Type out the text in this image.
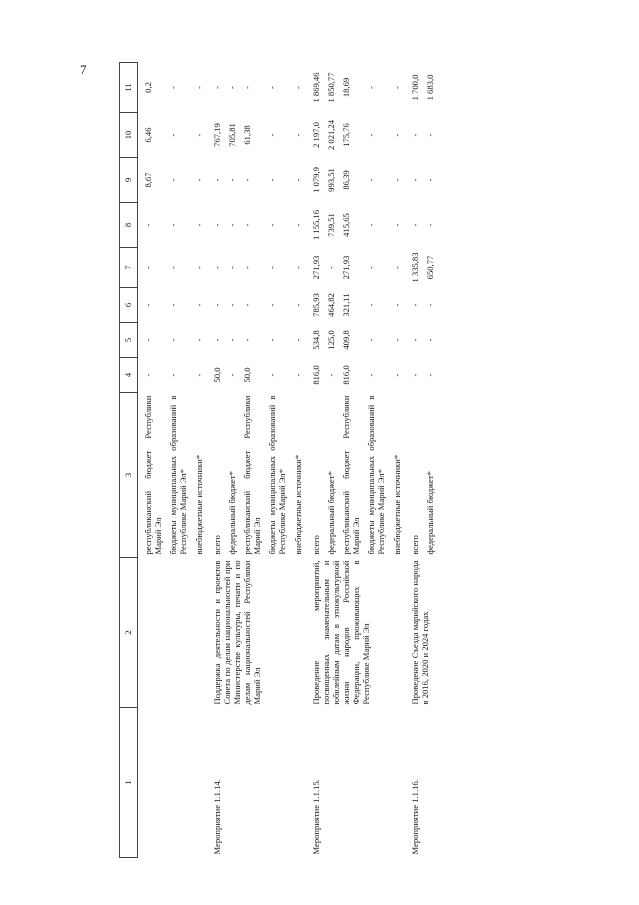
7
1	2	3	4	5	6	7	8	9	10	11
		республиканский бюджет Республики Марий Эл	-	-	-	-	-	8,67	6,46	0,2
		бюджеты муниципальных образований в Республике Марий Эл*	-	-	-	-	-	-	-	-
		внебюджетные источники*	-	-	-	-	-	-	-	-
Мероприятие 1.1.14.	Поддержка деятельности и проектов Совета по делам национальностей при Министерстве культуры, печати и по делам национальностей Республики Марий Эл	всего	50,0	-	-	-	-	-	767,19	-
		федеральный бюджет*	-	-	-	-	-	-	705,81	-
		республиканский бюджет Республики Марий Эл	50,0	-	-	-	-	-	61,38	-
		бюджеты муниципальных образований в Республике Марий Эл*	-	-	-	-	-	-	-	-
		внебюджетные источники*	-	-	-	-	-	-	-	-
Мероприятие 1.1.15.	Проведение мероприятий, посвященных знаменательным и юбилейным датам в этнокультурной жизни народов Российской Федерации, проживающих в Республике Марий Эл	всего	816,0	534,8	785,93	271,93	1 155,16	1 079,9	2 197,0	1 869,46
		федеральный бюджет*	-	125,0	464,82	-	739,51	993,51	2 021,24	1 850,77
		республиканский бюджет Республики Марий Эл	816,0	409,8	321,11	271,93	415,65	86,39	175,76	18,69
		бюджеты муниципальных образований в Республике Марий Эл*	-	-	-	-	-	-	-	-
		внебюджетные источники*	-	-	-	-	-	-	-	-
Мероприятие 1.1.16.	Проведение Съезда марийского народа в 2016, 2020 и 2024 годах	всего	-	-	-	1 335,83	-	-	-	1 700,0
		федеральный бюджет*	-	-	-	650,77	-	-	-	1 683,0
